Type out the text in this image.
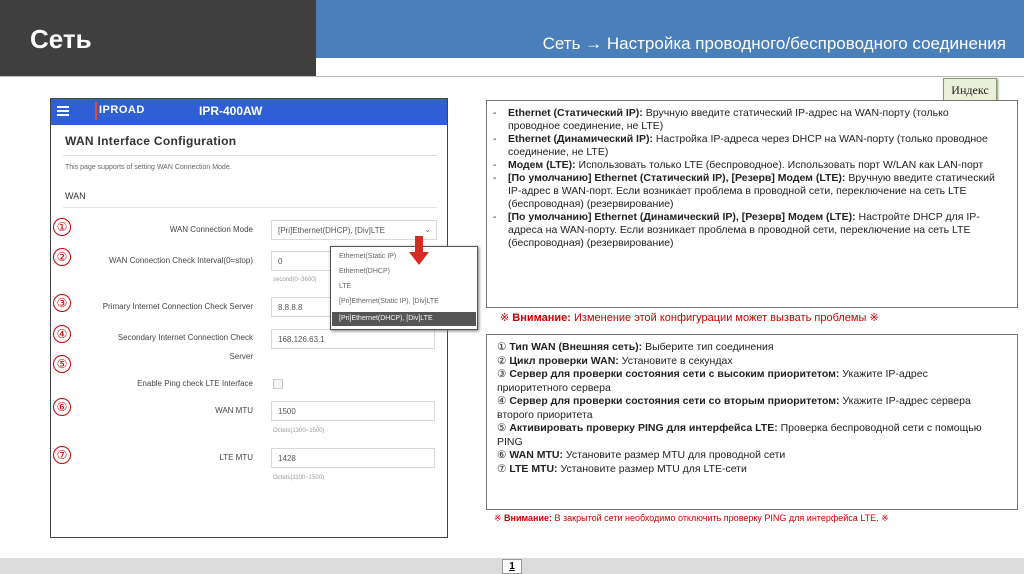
Сеть	Сеть → Настройка проводного/беспроводного соединения
Индекс
IPROAD	IPR-400AW
WAN Interface Configuration
This page supports of setting WAN Connection Mode.
WAN
WAN Connection Mode	[Pri]Ethernet(DHCP), [Div]LTE	⌄
WAN Connection Check Interval(0=stop)	0
second(0~3600)
Primary Internet Connection Check Server	8.8.8.8
Secondary Internet Connection Check
Server
168.126.63.1
Enable Ping check LTE Interface
WAN MTU	1500
Octets(1300~1500)
LTE MTU	1428
Octets(1100~1500)
Ethernet(Static IP)
Ethernet(DHCP)
LTE
[Pri]Ethernet(Static IP), [Div]LTE
[Pri]Ethernet(DHCP), [Div]LTE
①
②
③
④
⑤
⑥
⑦
- Ethernet (Статический IP): Вручную введите статический IP-адрес на WAN-порту (только проводное соединение, не LTE)
- Ethernet (Динамический IP): Настройка IP-адреса через DHCP на WAN-порту (только проводное соединение, не LTE)
- Модем (LTE): Использовать только LTE (беспроводное). Использовать порт W/LAN как LAN-порт
- [По умолчанию] Ethernet (Статический IP), [Резерв] Модем (LTE): Вручную введите статический IP-адрес в WAN-порт. Если возникает проблема в проводной сети, переключение на сеть LTE (беспроводная) (резервирование)
- [По умолчанию] Ethernet (Динамический IP), [Резерв] Модем (LTE): Настройте DHCP для IP-адреса на WAN-порту. Если возникает проблема в проводной сети, переключение на сеть LTE (беспроводная) (резервирование)
※ Внимание: Изменение этой конфигурации может вызвать проблемы ※
① Тип WAN (Внешняя сеть): Выберите тип соединения
② Цикл проверки WAN: Установите в секундах
③ Сервер для проверки состояния сети с высоким приоритетом: Укажите IP-адрес приоритетного сервера
④ Сервер для проверки состояния сети со вторым приоритетом: Укажите IP-адрес сервера второго приоритета
⑤ Активировать проверку PING для интерфейса LTE: Проверка беспроводной сети с помощью PING
⑥ WAN MTU: Установите размер MTU для проводной сети
⑦ LTE MTU: Установите размер MTU для LTE-сети
※ Внимание: В закрытой сети необходимо отключить проверку PING для интерфейса LTE. ※
1
